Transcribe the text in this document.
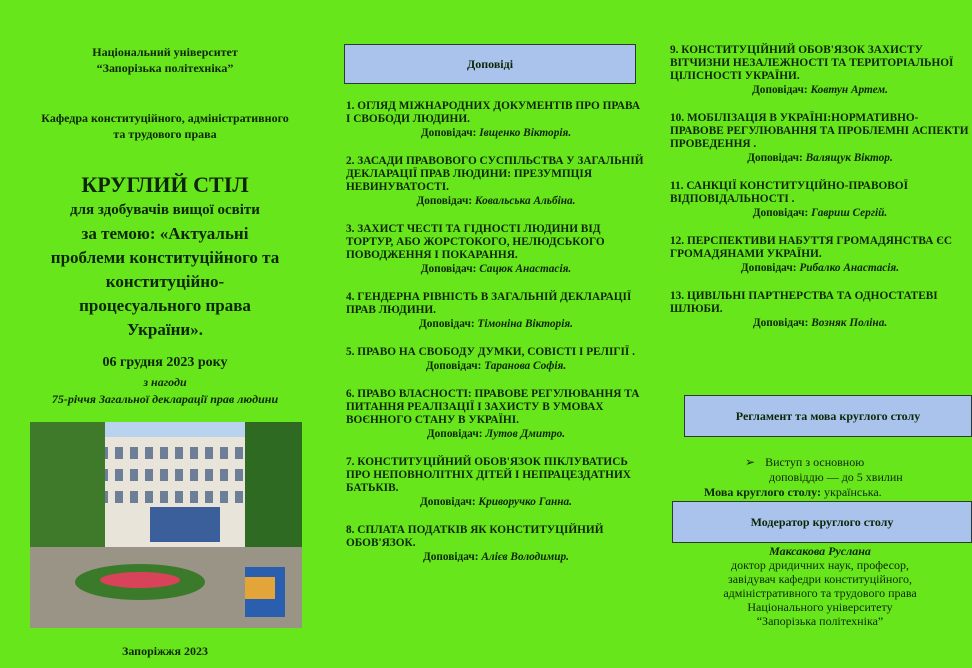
Національний університет
“Запорізька політехніка”
Кафедра конституційного, адміністративного
та трудового права
КРУГЛИЙ СТІЛ
для здобувачів вищої освіти
за темою: «Актуальні
проблеми конституційного та
конституційно-
процесуального права
України».
06 грудня 2023 року
з нагоди
75-річчя Загальної декларації прав людини
Запоріжжя 2023
Доповіді
1. ОГЛЯД МІЖНАРОДНИХ ДОКУМЕНТІВ ПРО ПРАВА І СВОБОДИ ЛЮДИНИ.
Доповідач: Івщенко Вікторія.
2. ЗАСАДИ ПРАВОВОГО СУСПІЛЬСТВА У ЗАГАЛЬНІЙ ДЕКЛАРАЦІЇ ПРАВ ЛЮДИНИ: ПРЕЗУМПЦІЯ НЕВИНУВАТОСТІ.
Доповідач: Ковальська Альбіна.
3. ЗАХИСТ ЧЕСТІ ТА ГІДНОСТІ ЛЮДИНИ ВІД ТОРТУР, АБО ЖОРСТОКОГО, НЕЛЮДСЬКОГО ПОВОДЖЕННЯ І ПОКАРАННЯ.
Доповідач: Сацюк Анастасія.
4. ГЕНДЕРНА РІВНІСТЬ В ЗАГАЛЬНІЙ ДЕКЛАРАЦІЇ ПРАВ ЛЮДИНИ.
Доповідач: Тімоніна Вікторія.
5. ПРАВО НА СВОБОДУ ДУМКИ, СОВІСТІ І РЕЛІГІЇ .
Доповідач: Таранова Софія.
6. ПРАВО ВЛАСНОСТІ: ПРАВОВЕ РЕГУЛЮВАННЯ ТА ПИТАННЯ РЕАЛІЗАЦІЇ І ЗАХИСТУ В УМОВАХ ВОЄННОГО СТАНУ В УКРАЇНІ.
Доповідач: Лутов Дмитро.
7. КОНСТИТУЦІЙНИЙ ОБОВ'ЯЗОК ПІКЛУВАТИСЬ ПРО НЕПОВНОЛІТНІХ ДІТЕЙ І НЕПРАЦЕЗДАТНИХ БАТЬКІВ.
Доповідач: Криворучко Ганна.
8. СПЛАТА ПОДАТКІВ ЯК КОНСТИТУЦІЙНИЙ ОБОВ'ЯЗОК.
Доповідач: Алієв Володимир.
9. КОНСТИТУЦІЙНИЙ ОБОВ'ЯЗОК ЗАХИСТУ ВІТЧИЗНИ НЕЗАЛЕЖНОСТІ ТА ТЕРИТОРІАЛЬНОЇ ЦІЛІСНОСТІ УКРАЇНИ.
Доповідач: Ковтун Артем.
10. МОБІЛІЗАЦІЯ В УКРАЇНІ:НОРМАТИВНО-ПРАВОВЕ РЕГУЛЮВАННЯ ТА ПРОБЛЕМНІ АСПЕКТИ ПРОВЕДЕННЯ .
Доповідач: Валящук Віктор.
11. САНКЦІЇ КОНСТИТУЦІЙНО-ПРАВОВОЇ ВІДПОВІДАЛЬНОСТІ .
Доповідач: Гавриш Сергій.
12. ПЕРСПЕКТИВИ НАБУТТЯ ГРОМАДЯНСТВА ЄС ГРОМАДЯНАМИ УКРАЇНИ.
Доповідач: Рибалко Анастасія.
13. ЦИВІЛЬНІ ПАРТНЕРСТВА ТА ОДНОСТАТЕВІ ШЛЮБИ.
Доповідач: Возняк Поліна.
Регламент та мова круглого столу
➢ Виступ з основною
доповіддю — до 5 хвилин
Мова круглого столу: українська.
Модератор круглого столу
Максакова Руслана
доктор дридичних наук, професор,
завідувач кафедри конституційного,
адміністративного та трудового права
Національного університету
“Запорізька політехніка”
